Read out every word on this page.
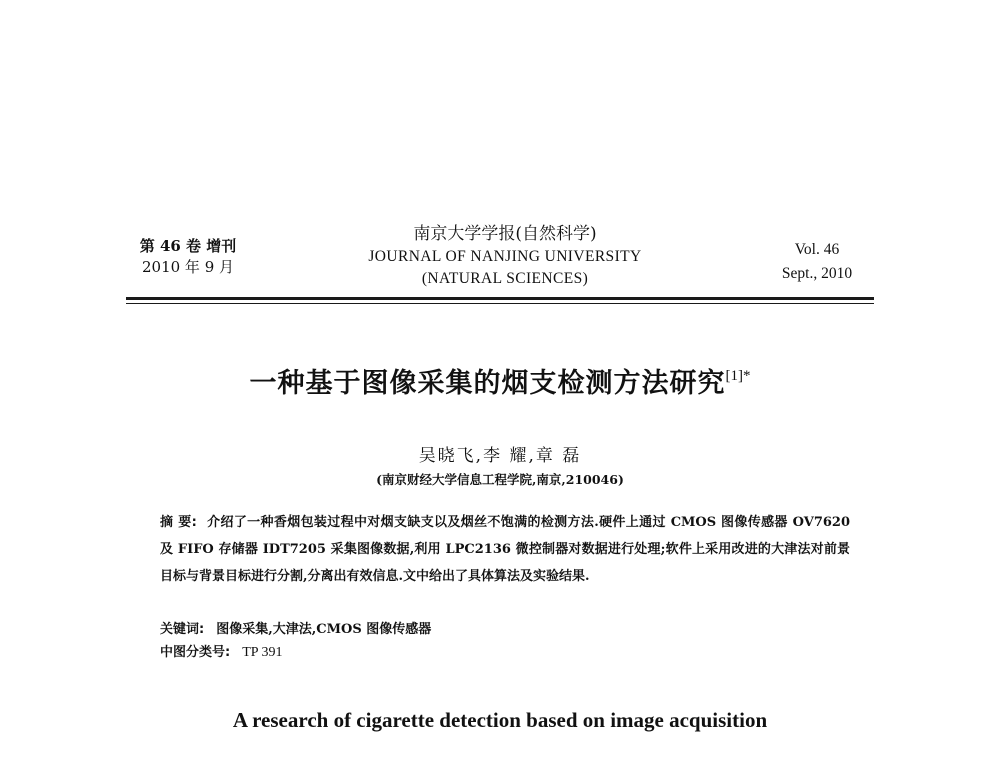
第 46 卷 增刊
2010 年 9 月
南京大学学报(自然科学)
JOURNAL OF NANJING UNIVERSITY
(NATURAL SCIENCES)
Vol. 46
Sept., 2010
一种基于图像采集的烟支检测方法研究$^{[1]*}$
吴晓飞,李 耀,章 磊
(南京财经大学信息工程学院,南京,210046)
摘 要: 介绍了一种香烟包装过程中对烟支缺支以及烟丝不饱满的检测方法.硬件上通过 CMOS 图像传感器 OV7620 及 FIFO 存储器 IDT7205 采集图像数据,利用 LPC2136 微控制器对数据进行处理;软件上采用改进的大津法对前景目标与背景目标进行分割,分离出有效信息.文中给出了具体算法及实验结果.
关键词: 图像采集,大津法,CMOS 图像传感器
中图分类号: TP 391
A research of cigarette detection based on image acquisition
